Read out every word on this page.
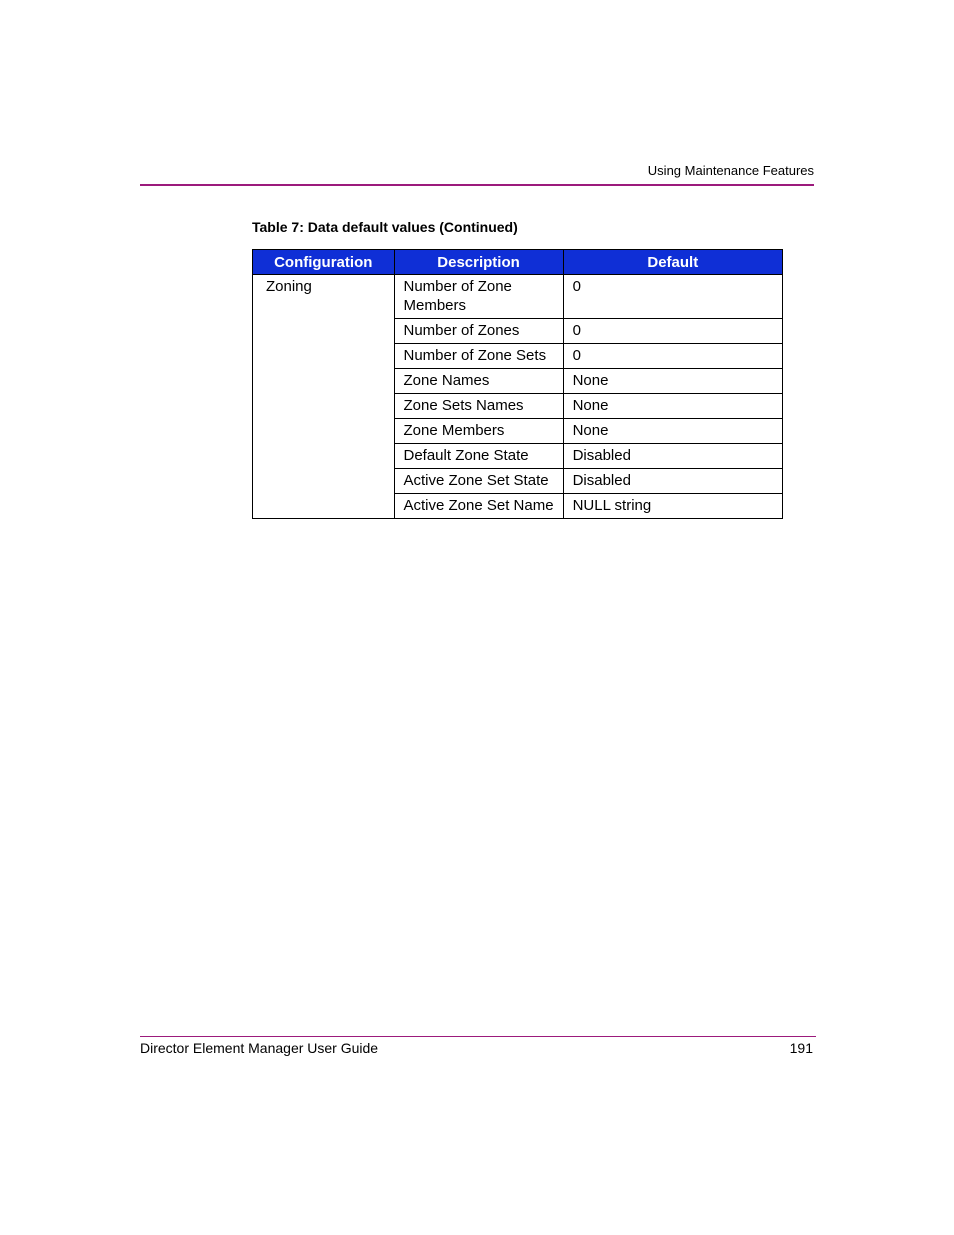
Using Maintenance Features
Table 7: Data default values (Continued)
Configuration	Description	Default
Zoning	Number of Zone Members	0
	Number of Zones	0
	Number of Zone Sets	0
	Zone Names	None
	Zone Sets Names	None
	Zone Members	None
	Default Zone State	Disabled
	Active Zone Set State	Disabled
	Active Zone Set Name	NULL string
Director Element Manager User Guide	191
